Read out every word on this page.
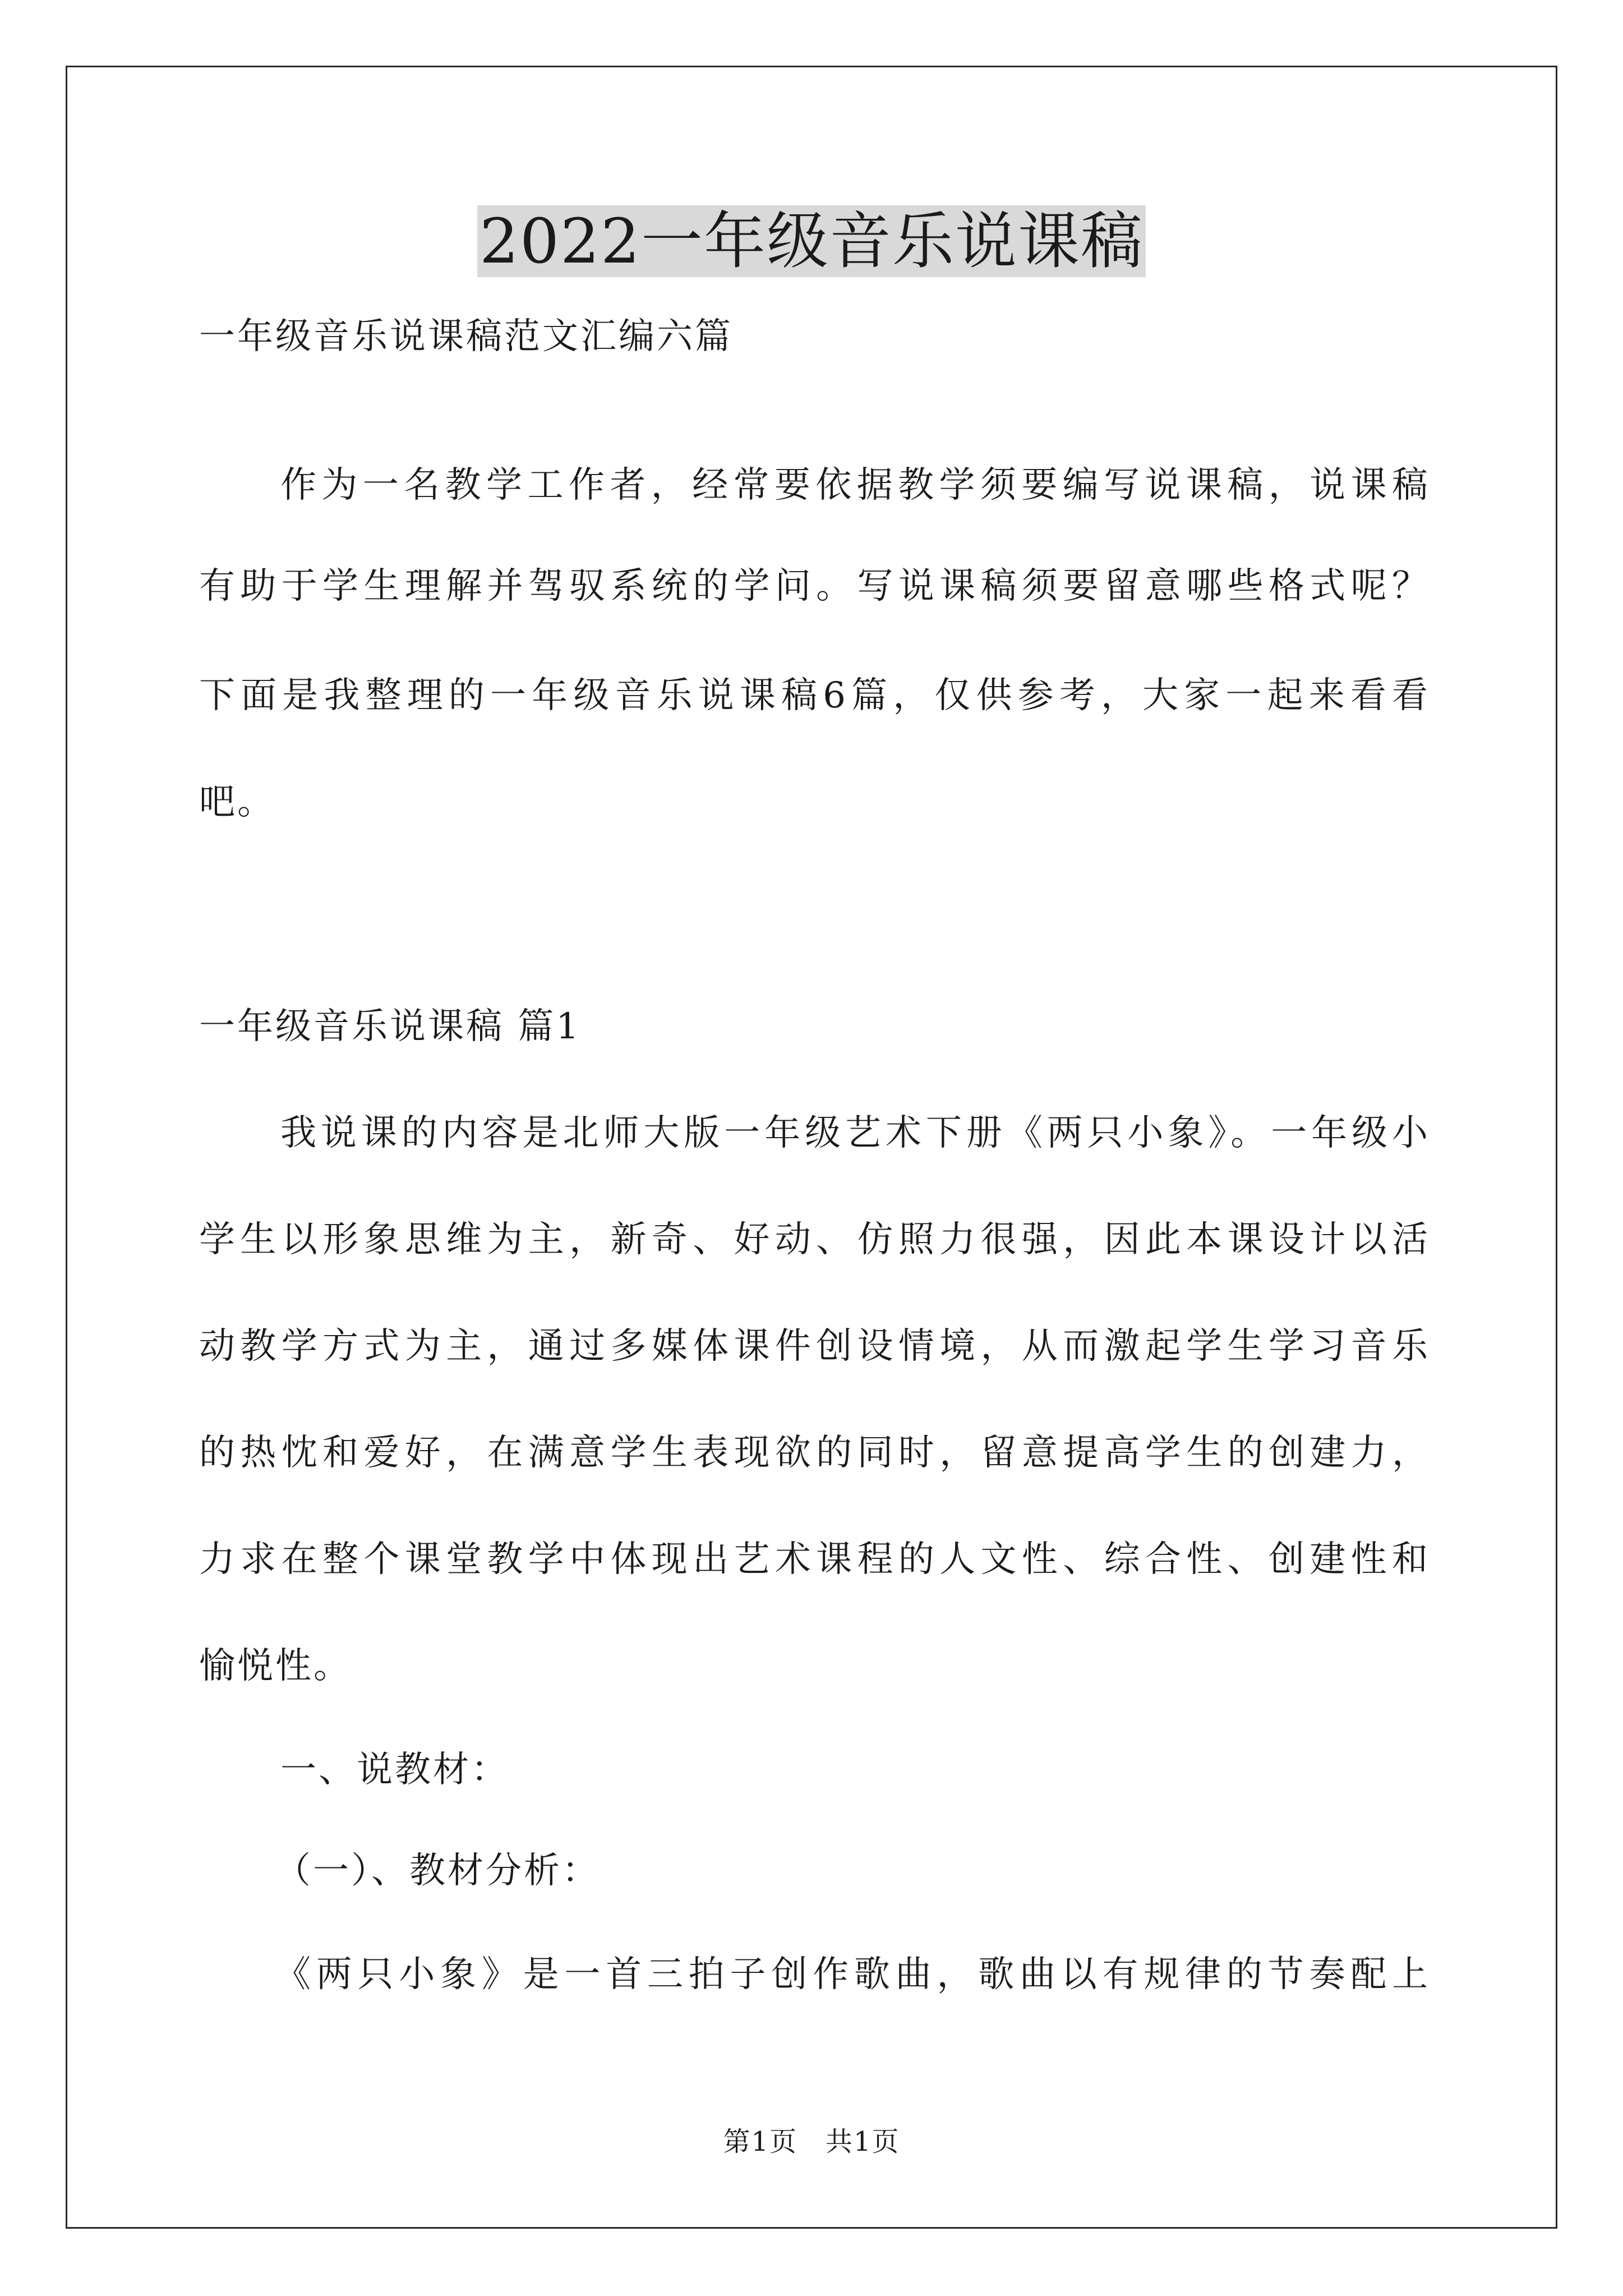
2022一年级音乐说课稿

一年级音乐说课稿范文汇编六篇

作为一名教学工作者，经常要依据教学须要编写说课稿，说课稿

有助于学生理解并驾驭系统的学问。写说课稿须要留意哪些格式呢？

下面是我整理的一年级音乐说课稿6篇，仅供参考，大家一起来看看

吧。

一年级音乐说课稿 篇1

我说课的内容是北师大版一年级艺术下册《两只小象》。一年级小

学生以形象思维为主，新奇、好动、仿照力很强，因此本课设计以活

动教学方式为主，通过多媒体课件创设情境，从而激起学生学习音乐

的热忱和爱好，在满意学生表现欲的同时，留意提高学生的创建力，

力求在整个课堂教学中体现出艺术课程的人文性、综合性、创建性和

愉悦性。

一、说教材：

（一）、教材分析：

《两只小象》是一首三拍子创作歌曲，歌曲以有规律的节奏配上

第1页　共1页
